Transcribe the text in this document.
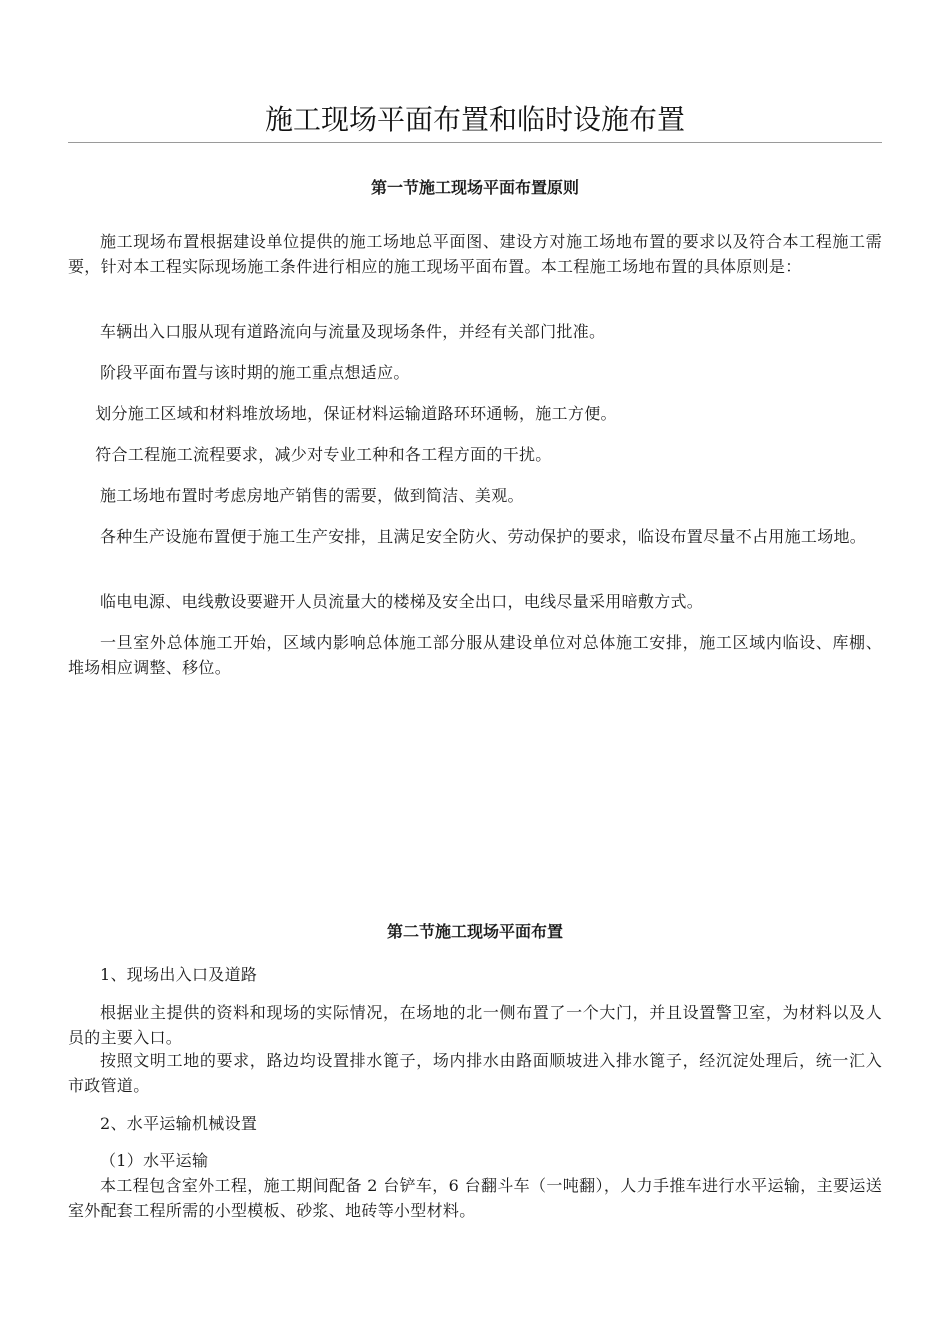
施工现场平面布置和临时设施布置
第一节施工现场平面布置原则

施工现场布置根据建设单位提供的施工场地总平面图、建设方对施工场地布置的要求以及符合本工程施工需要，针对本工程实际现场施工条件进行相应的施工现场平面布置。本工程施工场地布置的具体原则是：

车辆出入口服从现有道路流向与流量及现场条件，并经有关部门批准。

阶段平面布置与该时期的施工重点想适应。

划分施工区域和材料堆放场地，保证材料运输道路环环通畅，施工方便。

符合工程施工流程要求，减少对专业工种和各工程方面的干扰。

施工场地布置时考虑房地产销售的需要，做到简洁、美观。

各种生产设施布置便于施工生产安排，且满足安全防火、劳动保护的要求，临设布置尽量不占用施工场地。

临电电源、电线敷设要避开人员流量大的楼梯及安全出口，电线尽量采用暗敷方式。

一旦室外总体施工开始，区域内影响总体施工部分服从建设单位对总体施工安排，施工区域内临设、库棚、堆场相应调整、移位。

第二节施工现场平面布置

1、现场出入口及道路

根据业主提供的资料和现场的实际情况，在场地的北一侧布置了一个大门，并且设置警卫室，为材料以及人员的主要入口。

按照文明工地的要求，路边均设置排水篦子，场内排水由路面顺坡进入排水篦子，经沉淀处理后，统一汇入市政管道。

2、水平运输机械设置

（1）水平运输

本工程包含室外工程，施工期间配备 2 台铲车，6 台翻斗车（一吨翻），人力手推车进行水平运输，主要运送室外配套工程所需的小型模板、砂浆、地砖等小型材料。
